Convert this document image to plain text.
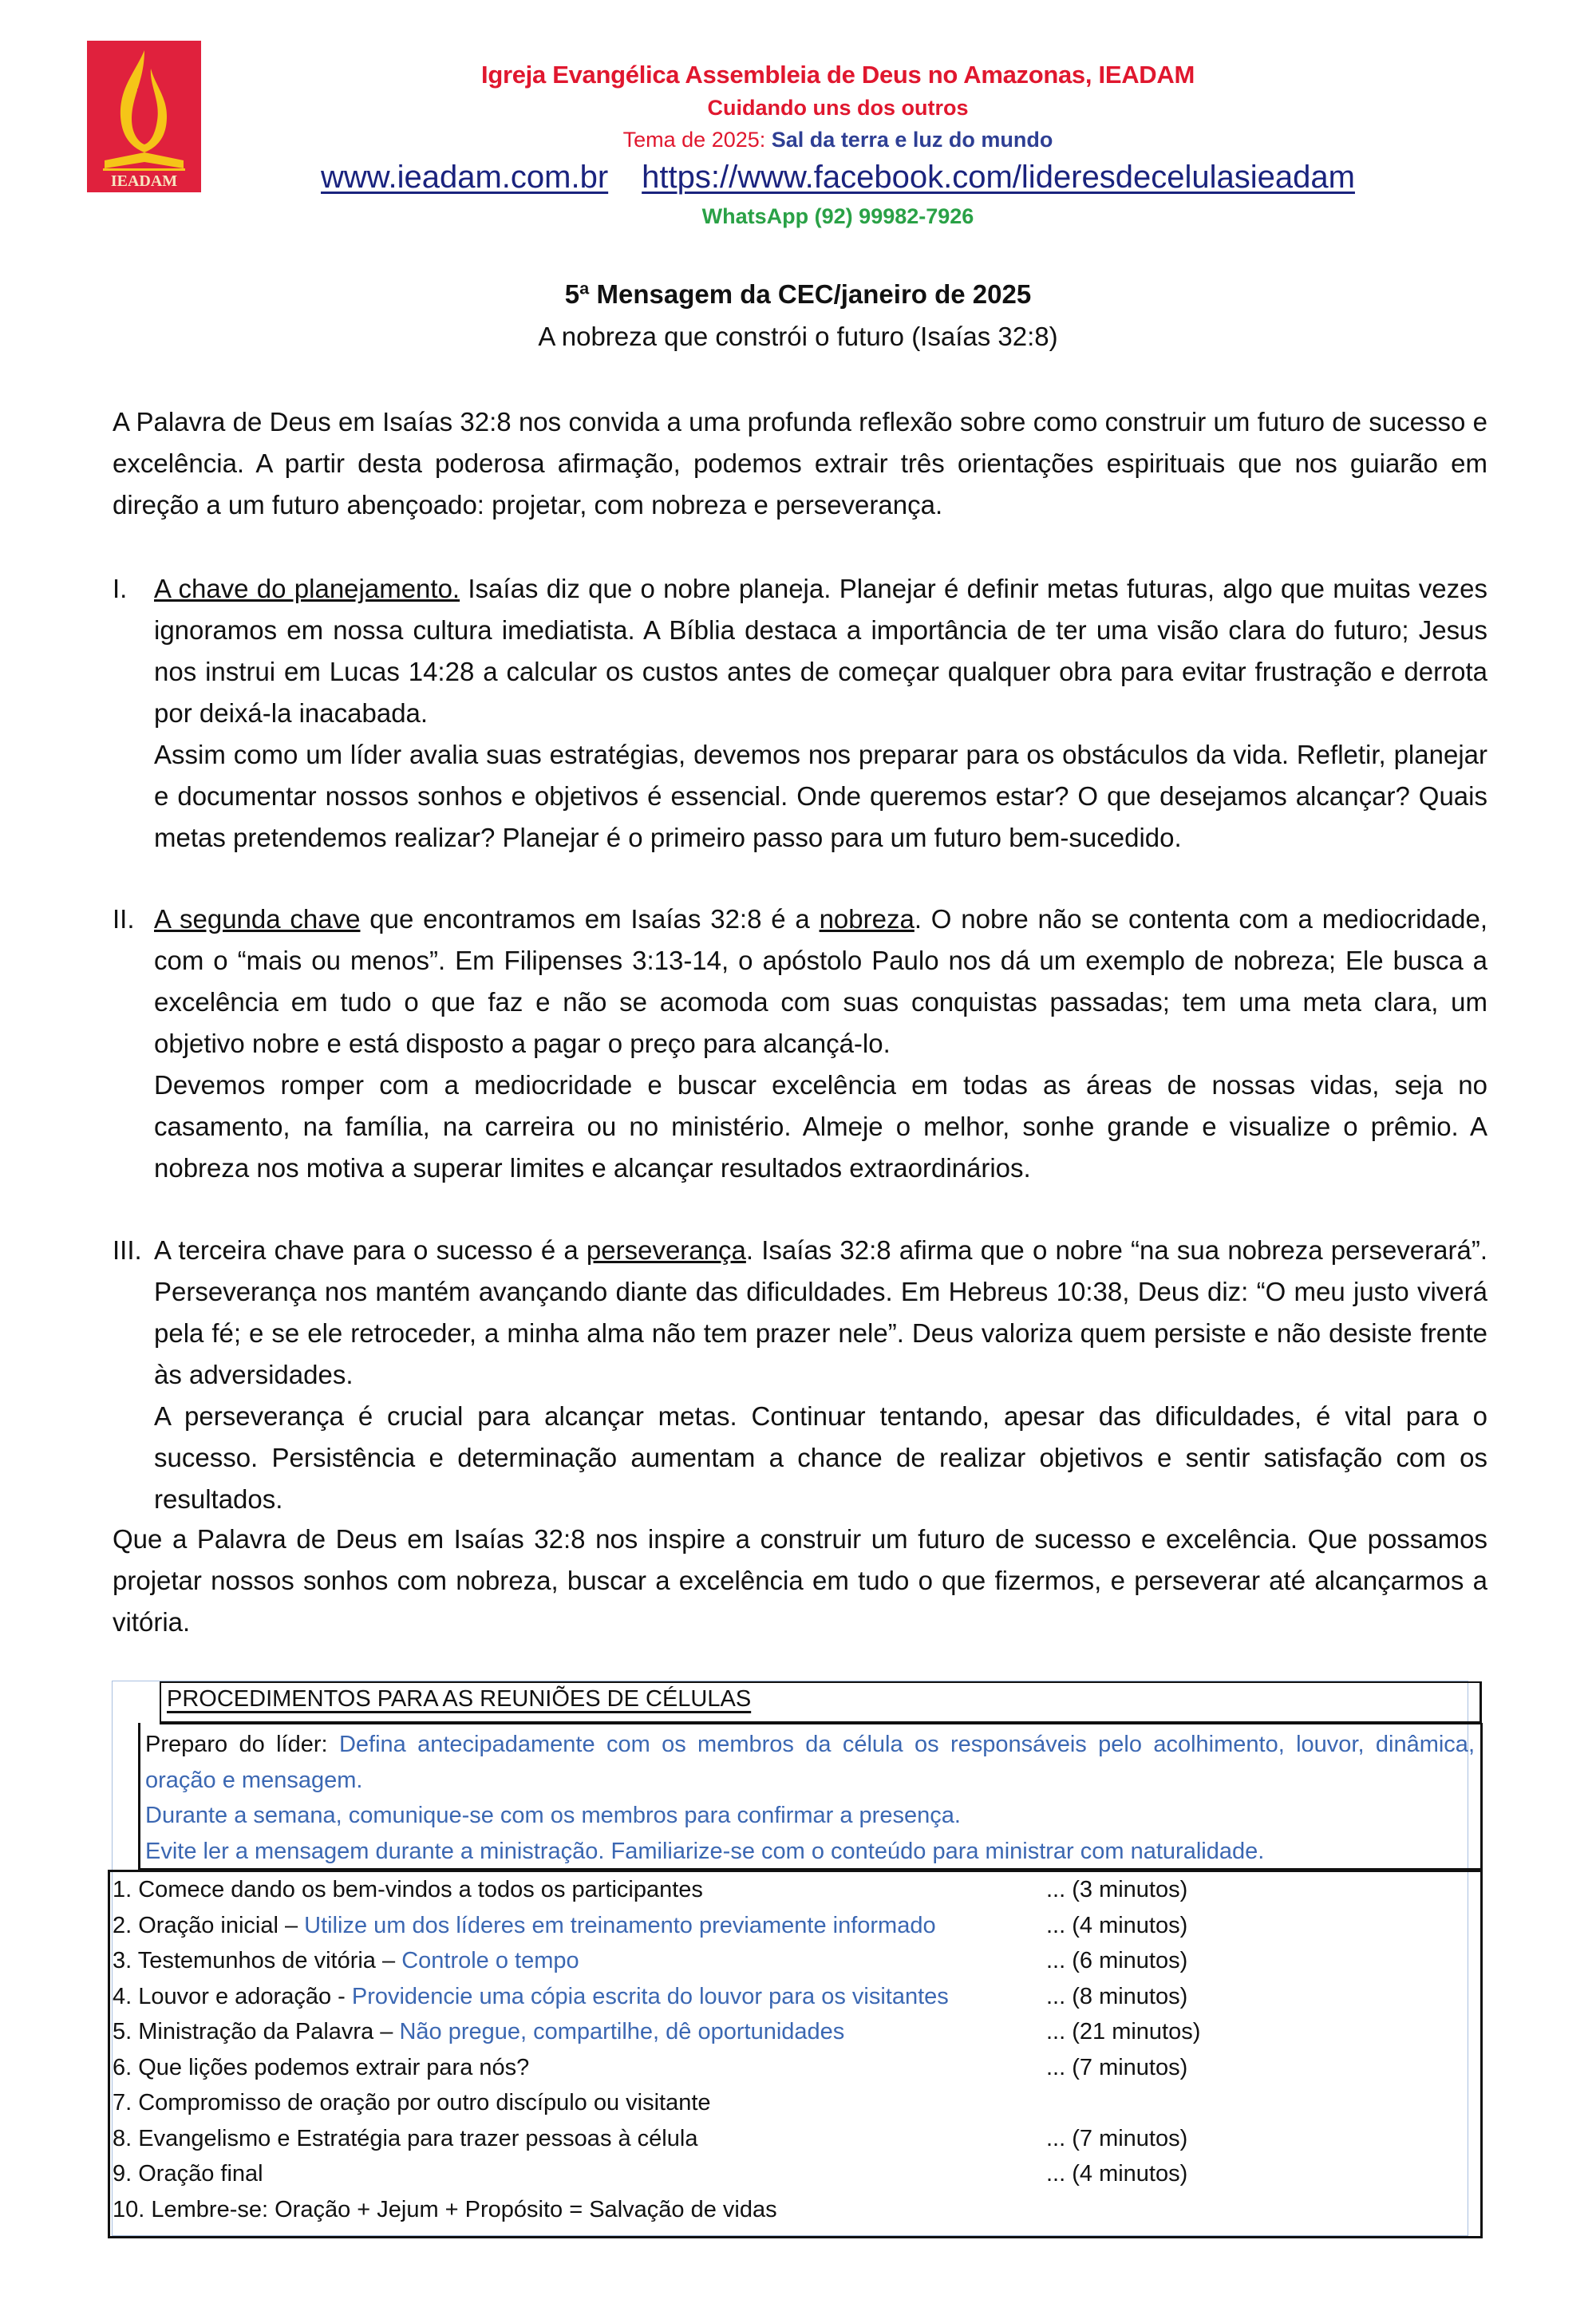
IEADAM
Igreja Evangélica Assembleia de Deus no Amazonas, IEADAM
Cuidando uns dos outros
Tema de 2025: Sal da terra e luz do mundo
www.ieadam.com.br https://www.facebook.com/lideresdecelulasieadam
WhatsApp (92) 99982-7926
5ª Mensagem da CEC/janeiro de 2025
A nobreza que constrói o futuro (Isaías 32:8)
A Palavra de Deus em Isaías 32:8 nos convida a uma profunda reflexão sobre como construir um futuro de sucesso e excelência. A partir desta poderosa afirmação, podemos extrair três orientações espirituais que nos guiarão em direção a um futuro abençoado: projetar, com nobreza e perseverança.
I. A chave do planejamento. Isaías diz que o nobre planeja. Planejar é definir metas futuras, algo que muitas vezes ignoramos em nossa cultura imediatista. A Bíblia destaca a importância de ter uma visão clara do futuro; Jesus nos instrui em Lucas 14:28 a calcular os custos antes de começar qualquer obra para evitar frustração e derrota por deixá-la inacabada.

Assim como um líder avalia suas estratégias, devemos nos preparar para os obstáculos da vida. Refletir, planejar e documentar nossos sonhos e objetivos é essencial. Onde queremos estar? O que desejamos alcançar? Quais metas pretendemos realizar? Planejar é o primeiro passo para um futuro bem-sucedido.

II. A segunda chave que encontramos em Isaías 32:8 é a nobreza. O nobre não se contenta com a mediocridade, com o “mais ou menos”. Em Filipenses 3:13-14, o apóstolo Paulo nos dá um exemplo de nobreza; Ele busca a excelência em tudo o que faz e não se acomoda com suas conquistas passadas; tem uma meta clara, um objetivo nobre e está disposto a pagar o preço para alcançá-lo.

Devemos romper com a mediocridade e buscar excelência em todas as áreas de nossas vidas, seja no casamento, na família, na carreira ou no ministério. Almeje o melhor, sonhe grande e visualize o prêmio. A nobreza nos motiva a superar limites e alcançar resultados extraordinários.

III. A terceira chave para o sucesso é a perseverança. Isaías 32:8 afirma que o nobre “na sua nobreza perseverará”. Perseverança nos mantém avançando diante das dificuldades. Em Hebreus 10:38, Deus diz: “O meu justo viverá pela fé; e se ele retroceder, a minha alma não tem prazer nele”. Deus valoriza quem persiste e não desiste frente às adversidades.

A perseverança é crucial para alcançar metas. Continuar tentando, apesar das dificuldades, é vital para o sucesso. Persistência e determinação aumentam a chance de realizar objetivos e sentir satisfação com os resultados.

Que a Palavra de Deus em Isaías 32:8 nos inspire a construir um futuro de sucesso e excelência. Que possamos projetar nossos sonhos com nobreza, buscar a excelência em tudo o que fizermos, e perseverar até alcançarmos a vitória.
PROCEDIMENTOS PARA AS REUNIÕES DE CÉLULAS

Preparo do líder: Defina antecipadamente com os membros da célula os responsáveis pelo acolhimento, louvor, dinâmica, oração e mensagem.

Durante a semana, comunique-se com os membros para confirmar a presença.

Evite ler a mensagem durante a ministração. Familiarize-se com o conteúdo para ministrar com naturalidade.

1. Comece dando os bem-vindos a todos os participantes	... (3 minutos)
2. Oração inicial – Utilize um dos líderes em treinamento previamente informado	... (4 minutos)
3. Testemunhos de vitória – Controle o tempo	... (6 minutos)
4. Louvor e adoração - Providencie uma cópia escrita do louvor para os visitantes	... (8 minutos)
5. Ministração da Palavra – Não pregue, compartilhe, dê oportunidades	... (21 minutos)
6. Que lições podemos extrair para nós?	... (7 minutos)
7. Compromisso de oração por outro discípulo ou visitante
8. Evangelismo e Estratégia para trazer pessoas à célula	... (7 minutos)
9. Oração final	... (4 minutos)
10. Lembre-se: Oração + Jejum + Propósito = Salvação de vidas
